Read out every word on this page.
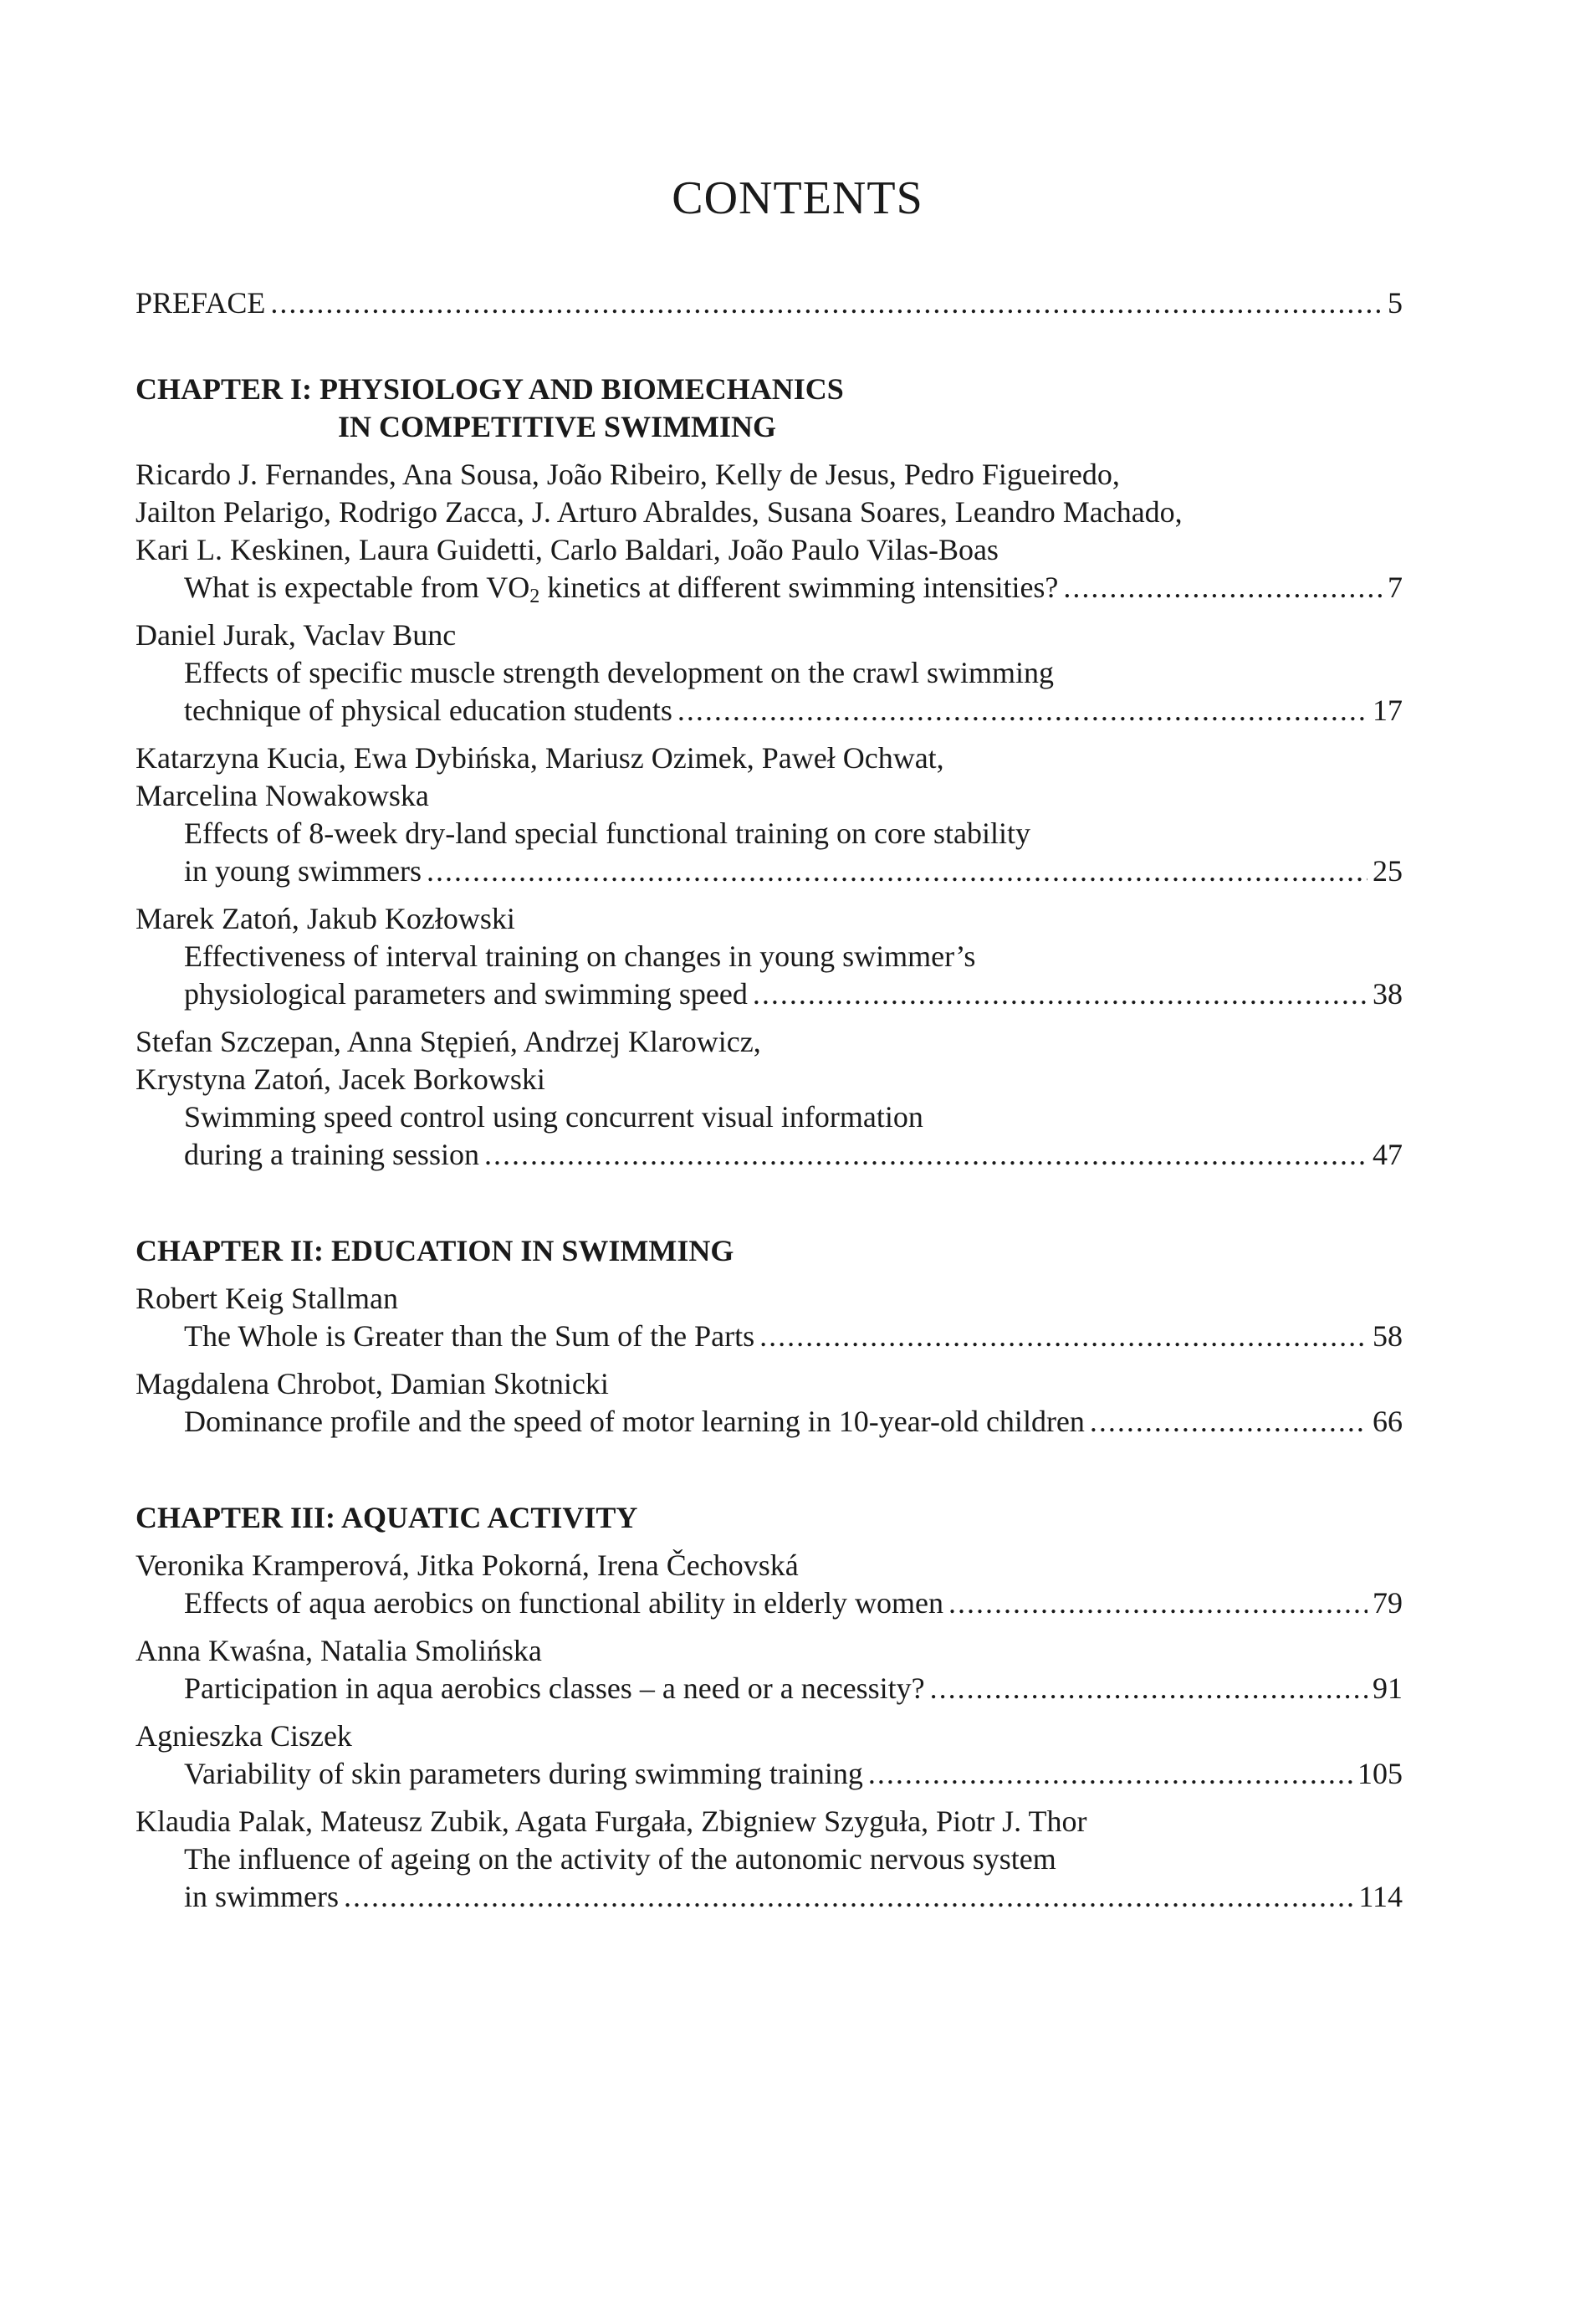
CONTENTS
PREFACE .....	5
CHAPTER I: PHYSIOLOGY AND BIOMECHANICS
IN COMPETITIVE SWIMMING
Ricardo J. Fernandes, Ana Sousa, João Ribeiro, Kelly de Jesus, Pedro Figueiredo,
Jailton Pelarigo, Rodrigo Zacca, J. Arturo Abraldes, Susana Soares, Leandro Machado,
Kari L. Keskinen, Laura Guidetti, Carlo Baldari, João Paulo Vilas-Boas
What is expectable from $VO_2$ kinetics at different swimming intensities? .....	7
Daniel Jurak, Vaclav Bunc
Effects of specific muscle strength development on the crawl swimming
technique of physical education students .....	17
Katarzyna Kucia, Ewa Dybińska, Mariusz Ozimek, Paweł Ochwat,
Marcelina Nowakowska
Effects of 8-week dry-land special functional training on core stability
in young swimmers .....	25
Marek Zatoń, Jakub Kozłowski
Effectiveness of interval training on changes in young swimmer’s
physiological parameters and swimming speed .....	38
Stefan Szczepan, Anna Stępień, Andrzej Klarowicz,
Krystyna Zatoń, Jacek Borkowski
Swimming speed control using concurrent visual information
during a training session .....	47
CHAPTER II: EDUCATION IN SWIMMING
Robert Keig Stallman
The Whole is Greater than the Sum of the Parts .....	58
Magdalena Chrobot, Damian Skotnicki
Dominance profile and the speed of motor learning in 10-year-old children .....	66
CHAPTER III: AQUATIC ACTIVITY
Veronika Kramperová, Jitka Pokorná, Irena Čechovská
Effects of aqua aerobics on functional ability in elderly women .....	79
Anna Kwaśna, Natalia Smolińska
Participation in aqua aerobics classes – a need or a necessity? .....	91
Agnieszka Ciszek
Variability of skin parameters during swimming training .....	105
Klaudia Palak, Mateusz Zubik, Agata Furgała, Zbigniew Szyguła, Piotr J. Thor
The influence of ageing on the activity of the autonomic nervous system
in swimmers .....	114
